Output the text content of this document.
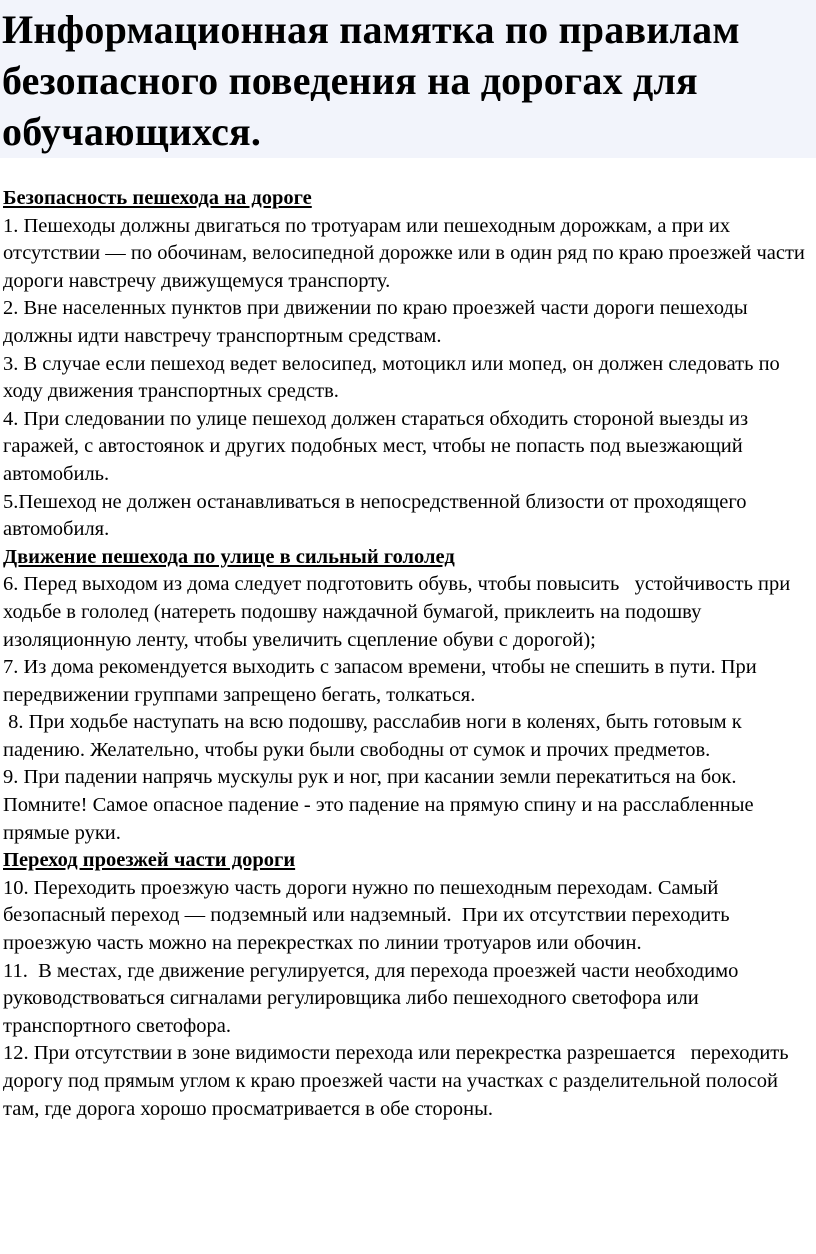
Информационная памятка по правилам безопасного поведения на дорогах для обучающихся.

Безопасность пешехода на дороге

1. Пешеходы должны двигаться по тротуарам или пешеходным дорожкам, а при их отсутствии — по обочинам, велосипедной дорожке или в один ряд по краю проезжей части дороги навстречу движущемуся транспорту.

2. Вне населенных пунктов при движении по краю проезжей части дороги пешеходы должны идти навстречу транспортным средствам.

3. В случае если пешеход ведет велосипед, мотоцикл или мопед, он должен следовать по ходу движения транспортных средств.

4. При следовании по улице пешеход должен стараться обходить стороной выезды из гаражей, с автостоянок и других подобных мест, чтобы не попасть под выезжающий автомобиль.

5.Пешеход не должен останавливаться в непосредственной близости от проходящего автомобиля.

Движение пешехода по улице в сильный гололед

6. Перед выходом из дома следует подготовить обувь, чтобы повысить   устойчивость при ходьбе в гололед (натереть подошву наждачной бумагой, приклеить на подошву изоляционную ленту, чтобы увеличить сцепление обуви с дорогой);

7. Из дома рекомендуется выходить с запасом времени, чтобы не спешить в пути. При передвижении группами запрещено бегать, толкаться.

8. При ходьбе наступать на всю подошву, расслабив ноги в коленях, быть готовым к падению. Желательно, чтобы руки были свободны от сумок и прочих предметов.

9. При падении напрячь мускулы рук и ног, при касании земли перекатиться на бок. Помните! Самое опасное падение - это падение на прямую спину и на расслабленные прямые руки.

Переход проезжей части дороги

10. Переходить проезжую часть дороги нужно по пешеходным переходам. Самый безопасный переход — подземный или надземный.  При их отсутствии переходить проезжую часть можно на перекрестках по линии тротуаров или обочин.

11.  В местах, где движение регулируется, для перехода проезжей части необходимо   руководствоваться сигналами регулировщика либо пешеходного светофора или транспортного светофора.

12. При отсутствии в зоне видимости перехода или перекрестка разрешается   переходить дорогу под прямым углом к краю проезжей части на участках с разделительной полосой там, где дорога хорошо просматривается в обе стороны.
